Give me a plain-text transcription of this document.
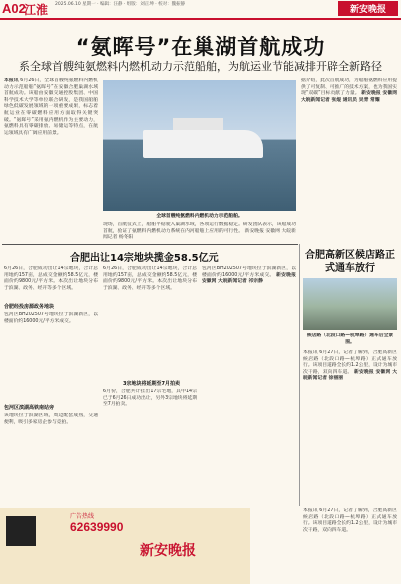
A02
江淮 2025.06.10 星期一 · 编辑：汪静 · 组版：刘正坤 · 校对：魏振静
新安晚报
“氨晖号”在巢湖首航成功
系全球首艘纯氨燃料内燃机动力示范船舶，为航运业节能减排开辟全新路径
本报讯 6月26日，全球首艘纯氨燃料内燃机动力示范船舶“氨晖号”在安徽合肥巢湖水域首航成功。该船由安徽交通控股集团、中国科学技术大学等单位联合研发，是我国船舶绿色低碳发展领域的一项重要成果，标志着航运业在零碳燃料应用方面取得关键突破。“氨晖号”采用氨内燃机作为主要动力，氨燃料具有零碳排放、易储运等特点，在航运领域具有广阔应用前景。
全球首艘纯氨燃料内燃机动力示范船舶。
现场，首航仪式上，船舶平稳驶入巢湖水域，各项运行数据稳定。研发团队表示，该船成功首航，验证了氨燃料内燃机动力系统在内河船舶上应用的可行性。 新安晚报 安徽网 大皖新闻记者 杨冬阳
据介绍，此次首航成功，为船舶氨燃料应用提供了可复制、可推广的技术方案，也为我国实现“双碳”目标贡献了力量。 新安晚报 安徽网 大皖新闻记者 张焜 通讯员 吴青 常耀
合肥出让14宗地块揽金58.5亿元
6月26日，合肥成功出让14宗地块，合计总用地约157亩，总成交金额约58.5亿元，楼面价约9800元/平方米。本次出让地块分布于滨湖、政务、经开等多个区域。
合肥经投房源政务地块
包河区BH202507号地块位于滨湖新区，以楼面价约16000元/平方米成交。
包河区滨湖高铁南站旁
该地块位于滨湖区域，周边配套成熟，交通便利，吸引多家房企参与竞拍。
6月26日，合肥成功出让14宗地块，合计总用地约157亩，总成交金额约58.5亿元，楼面价约9800元/平方米。本次出让地块分布于滨湖、政务、经开等多个区域。
3宗地块将延期至7月拍卖
6月份，合肥共计挂出17宗宅地，其中14宗已于6月26日成功出让，另外3宗地块将延期至7月拍卖。
包河区BH202507号地块位于滨湖新区，以楼面价约16000元/平方米成交。 新安晚报 安徽网 大皖新闻记者 祁宗静
合肥高新区候店路正式通车放行
候店路（北段口路—杭埠路）通车后全景图。
本报讯 6月27日，记者了解到，合肥高新区候店路（北段口路—杭埠路）正式通车放行。该项目道路全长约1.2公里，设计为城市次干路，双向四车道。 新安晚报 安徽网 大皖新闻记者 徐丽丽
广告热线
62639990
新安晚报
本报讯 6月27日，记者了解到，合肥高新区候店路（北段口路—杭埠路）正式通车放行。该项目道路全长约1.2公里，设计为城市次干路，双向四车道。
